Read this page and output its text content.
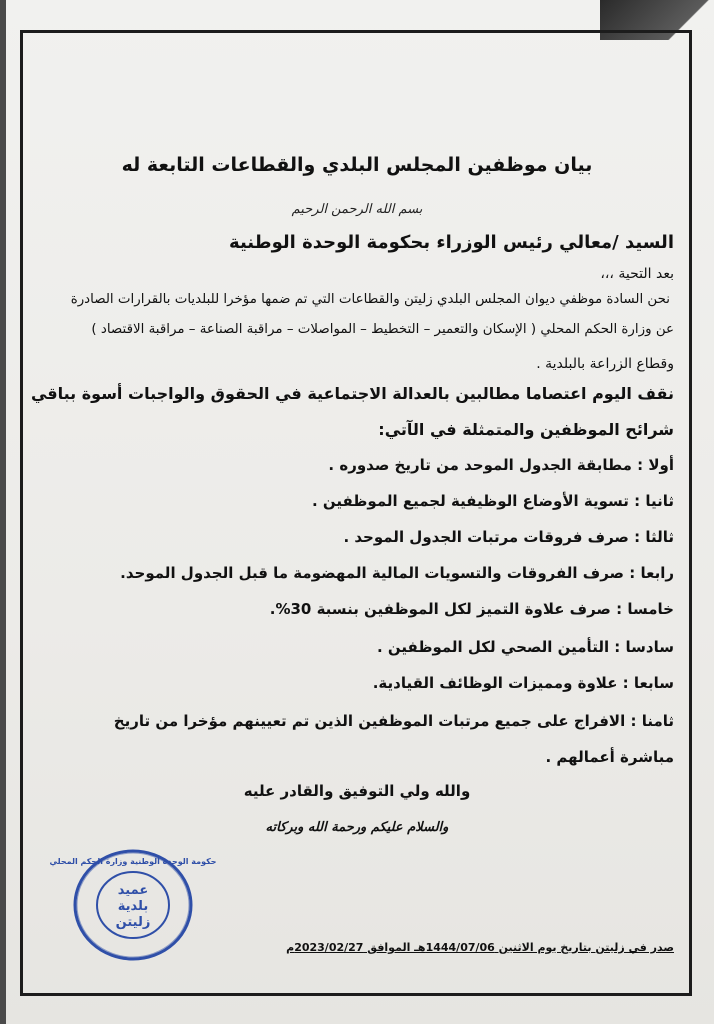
بيان موظفين المجلس البلدي والقطاعات التابعة له
بسم الله الرحمن الرحيم
السيد /معالي رئيس الوزراء بحكومة الوحدة الوطنية
بعد التحية ،،،
نحن السادة موظفي ديوان المجلس البلدي زليتن والقطاعات التي تم ضمها مؤخرا للبلديات بالقرارات الصادرة
عن وزارة الحكم المحلي ( الإسكان والتعمير – التخطيط – المواصلات – مراقبة الصناعة – مراقبة الاقتصاد )
وقطاع الزراعة بالبلدية .
نقف اليوم اعتصاما مطالبين بالعدالة الاجتماعية في الحقوق والواجبات أسوة بباقي
شرائح الموظفين والمتمثلة في الآتي:
أولا : مطابقة الجدول الموحد من تاريخ صدوره .
ثانيا : تسوية الأوضاع الوظيفية لجميع الموظفين .
ثالثا : صرف فروقات مرتبات الجدول الموحد .
رابعا : صرف الفروقات والتسويات المالية المهضومة ما قبل الجدول الموحد.
خامسا : صرف علاوة التميز لكل الموظفين بنسبة 30%.
سادسا : التأمين الصحي لكل الموظفين .
سابعا : علاوة ومميزات الوظائف القيادية.
ثامنا : الافراج على جميع مرتبات الموظفين الذين تم تعيينهم مؤخرا من تاريخ
مباشرة أعمالهم .
والله ولي التوفيق والقادر عليه
والسلام عليكم ورحمة الله وبركاته
صدر في زليتن بتاريخ يوم الاثنين 1444/07/06هـ الموافق 2023/02/27م
عميد
بلدية
زليتن
حكومة الوحدة الوطنية وزارة الحكم المحلي
